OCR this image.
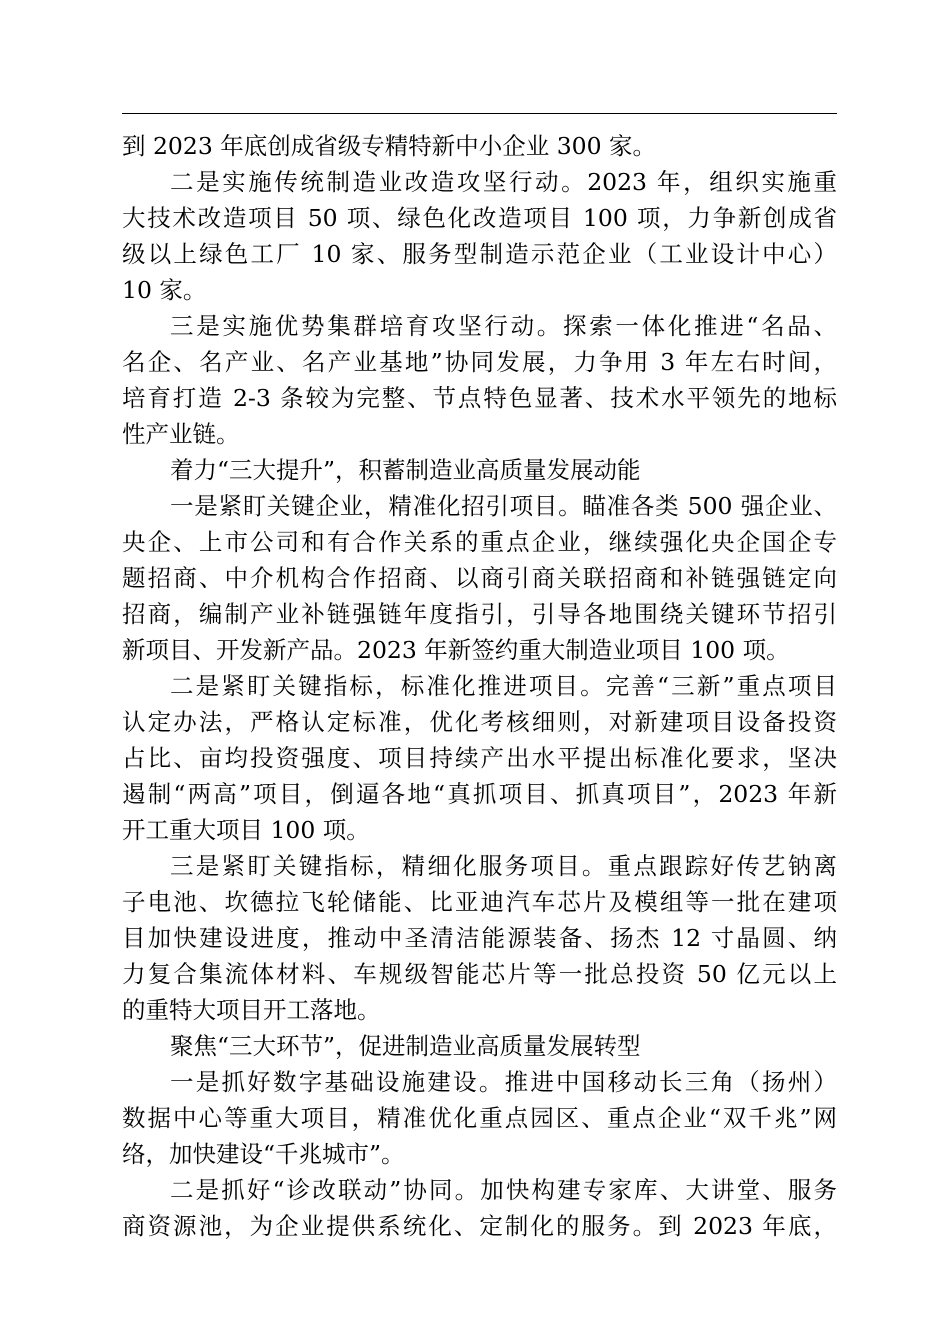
到 2023 年底创成省级专精特新中小企业 300 家。
二是实施传统制造业改造攻坚行动。2023 年，组织实施重
大技术改造项目 50 项、绿色化改造项目 100 项，力争新创成省
级以上绿色工厂 10 家、服务型制造示范企业（工业设计中心）
10 家。
三是实施优势集群培育攻坚行动。探索一体化推进“名品、
名企、名产业、名产业基地”协同发展，力争用 3 年左右时间，
培育打造 2-3 条较为完整、节点特色显著、技术水平领先的地标
性产业链。
着力“三大提升”，积蓄制造业高质量发展动能
一是紧盯关键企业，精准化招引项目。瞄准各类 500 强企业、
央企、上市公司和有合作关系的重点企业，继续强化央企国企专
题招商、中介机构合作招商、以商引商关联招商和补链强链定向
招商，编制产业补链强链年度指引，引导各地围绕关键环节招引
新项目、开发新产品。2023 年新签约重大制造业项目 100 项。
二是紧盯关键指标，标准化推进项目。完善“三新”重点项目
认定办法，严格认定标准，优化考核细则，对新建项目设备投资
占比、亩均投资强度、项目持续产出水平提出标准化要求，坚决
遏制“两高”项目，倒逼各地“真抓项目、抓真项目”，2023 年新
开工重大项目 100 项。
三是紧盯关键指标，精细化服务项目。重点跟踪好传艺钠离
子电池、坎德拉飞轮储能、比亚迪汽车芯片及模组等一批在建项
目加快建设进度，推动中圣清洁能源装备、扬杰 12 寸晶圆、纳
力复合集流体材料、车规级智能芯片等一批总投资 50 亿元以上
的重特大项目开工落地。
聚焦“三大环节”，促进制造业高质量发展转型
一是抓好数字基础设施建设。推进中国移动长三角（扬州）
数据中心等重大项目，精准优化重点园区、重点企业“双千兆”网
络，加快建设“千兆城市”。
二是抓好“诊改联动”协同。加快构建专家库、大讲堂、服务
商资源池，为企业提供系统化、定制化的服务。到 2023 年底，
